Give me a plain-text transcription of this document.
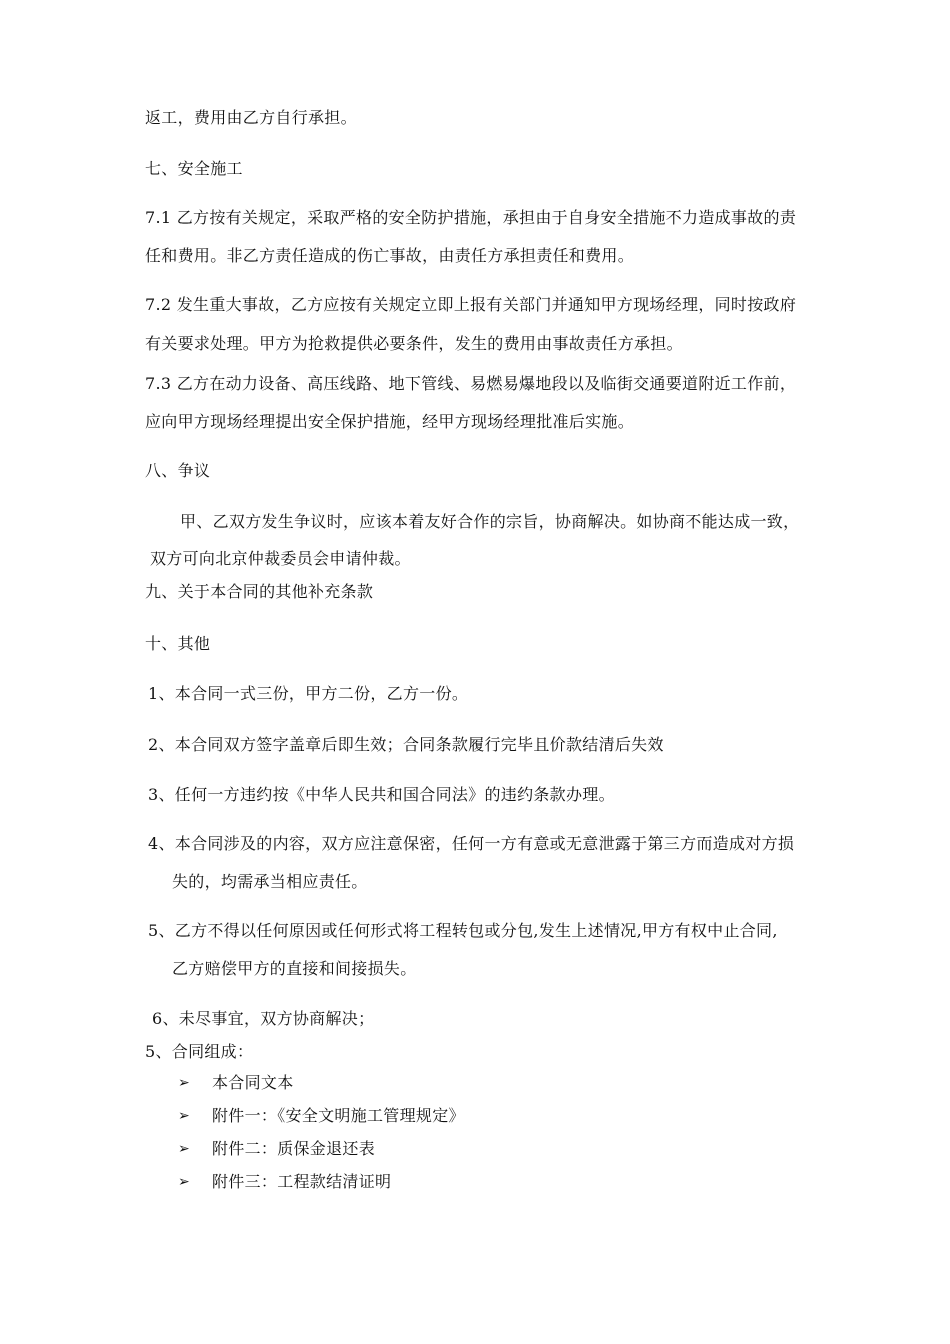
返工，费用由乙方自行承担。
七、安全施工
7.1 乙方按有关规定，采取严格的安全防护措施，承担由于自身安全措施不力造成事故的责
任和费用。非乙方责任造成的伤亡事故，由责任方承担责任和费用。
7.2 发生重大事故，乙方应按有关规定立即上报有关部门并通知甲方现场经理，同时按政府
有关要求处理。甲方为抢救提供必要条件，发生的费用由事故责任方承担。
7.3 乙方在动力设备、高压线路、地下管线、易燃易爆地段以及临街交通要道附近工作前，
应向甲方现场经理提出安全保护措施，经甲方现场经理批准后实施。
八、争议
甲、乙双方发生争议时，应该本着友好合作的宗旨，协商解决。如协商不能达成一致，
双方可向北京仲裁委员会申请仲裁。
九、关于本合同的其他补充条款
十、其他
1、本合同一式三份，甲方二份，乙方一份。
2、本合同双方签字盖章后即生效；合同条款履行完毕且价款结清后失效
3、任何一方违约按《中华人民共和国合同法》的违约条款办理。
4、本合同涉及的内容，双方应注意保密，任何一方有意或无意泄露于第三方而造成对方损
失的，均需承当相应责任。
5、乙方不得以任何原因或任何形式将工程转包或分包,发生上述情况,甲方有权中止合同,
乙方赔偿甲方的直接和间接损失。
6、未尽事宜，双方协商解决；
5、合同组成：
➢ 本合同文本
➢ 附件一：《安全文明施工管理规定》
➢ 附件二：质保金退还表
➢ 附件三：工程款结清证明
